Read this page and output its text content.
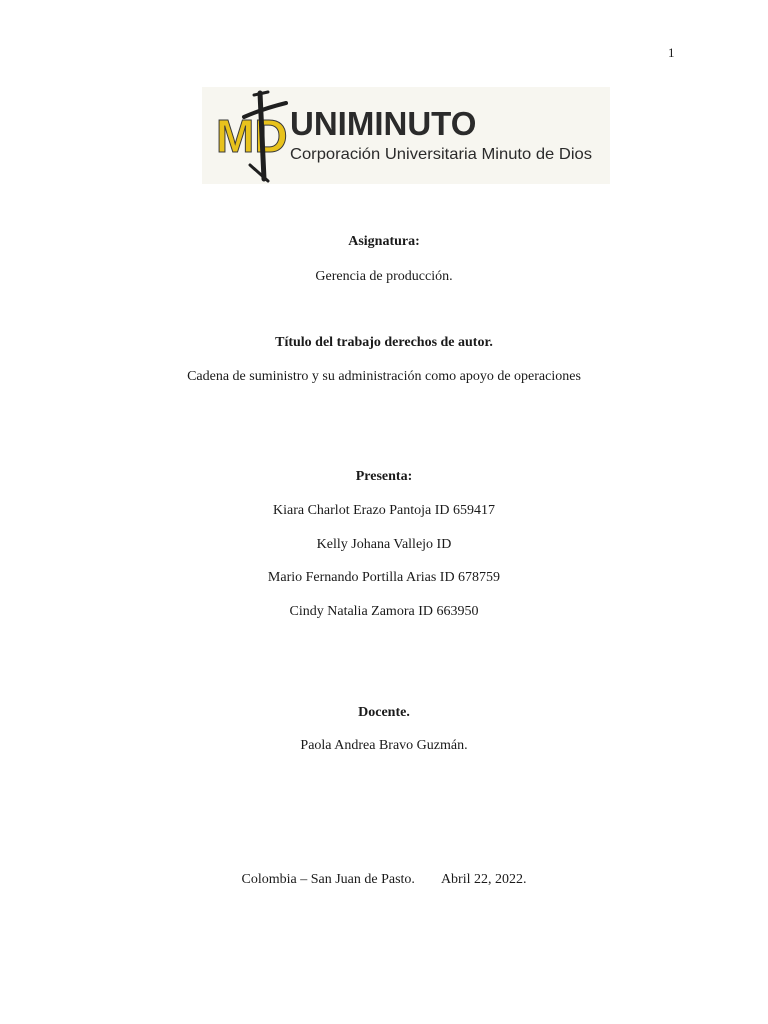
1
MD UNIMINUTO
Corporación Universitaria Minuto de Dios
Asignatura:
Gerencia de producción.
Título del trabajo derechos de autor.
Cadena de suministro y su administración como apoyo de operaciones
Presenta:
Kiara Charlot Erazo Pantoja ID 659417
Kelly Johana Vallejo ID
Mario Fernando Portilla Arias ID 678759
Cindy Natalia Zamora ID 663950
Docente.
Paola Andrea Bravo Guzmán.
Colombia – San Juan de Pasto. Abril 22, 2022.
